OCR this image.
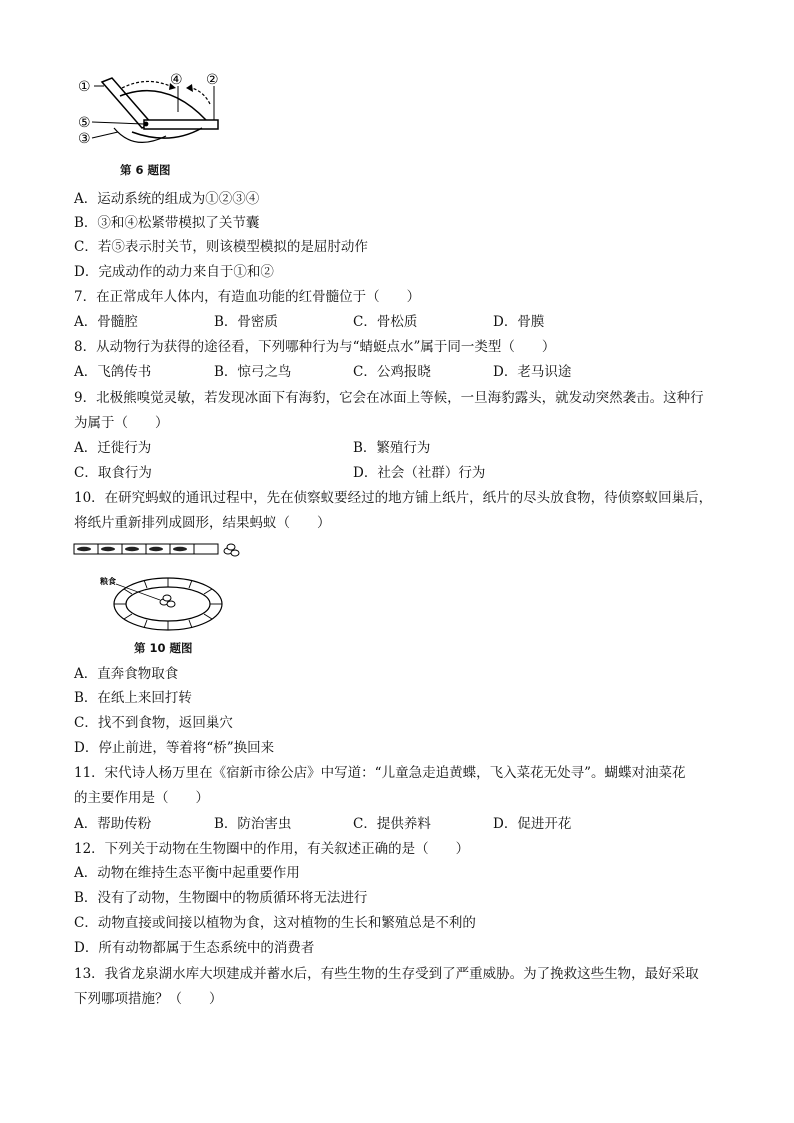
①	④ ②
⑤
③
第 6 题图
A．运动系统的组成为①②③④
B．③和④松紧带模拟了关节囊
C．若⑤表示肘关节，则该模型模拟的是屈肘动作
D．完成动作的动力来自于①和②
7．在正常成年人体内，有造血功能的红骨髓位于（　　）
A．骨髓腔	B．骨密质	C．骨松质	D．骨膜
8．从动物行为获得的途径看，下列哪种行为与“蜻蜓点水”属于同一类型（　　）
A．飞鸽传书	B．惊弓之鸟	C．公鸡报晓	D．老马识途
9．北极熊嗅觉灵敏，若发现冰面下有海豹，它会在冰面上等候，一旦海豹露头，就发动突然袭击。这种行
为属于（　　）
A．迁徙行为	B．繁殖行为
C．取食行为	D．社会（社群）行为
10．在研究蚂蚁的通讯过程中，先在侦察蚁要经过的地方铺上纸片，纸片的尽头放食物，待侦察蚁回巢后，
将纸片重新排列成圆形，结果蚂蚁（　　）
粮食
第 10 题图
A．直奔食物取食
B．在纸上来回打转
C．找不到食物，返回巢穴
D．停止前进，等着将“桥”换回来
11．宋代诗人杨万里在《宿新市徐公店》中写道：“儿童急走追黄蝶，飞入菜花无处寻”。蝴蝶对油菜花
的主要作用是（　　）
A．帮助传粉	B．防治害虫	C．提供养料	D．促进开花
12．下列关于动物在生物圈中的作用，有关叙述正确的是（　　）
A．动物在维持生态平衡中起重要作用
B．没有了动物，生物圈中的物质循环将无法进行
C．动物直接或间接以植物为食，这对植物的生长和繁殖总是不利的
D．所有动物都属于生态系统中的消费者
13．我省龙泉湖水库大坝建成并蓄水后，有些生物的生存受到了严重威胁。为了挽救这些生物，最好采取
下列哪项措施？（　　）
